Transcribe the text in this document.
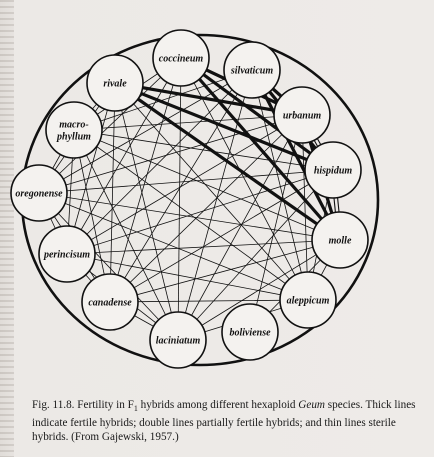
coccineum
silvaticum
urbanum
hispidum
molle
aleppicum
boliviense
laciniatum
canadense
perincisum
oregonense
macro-
phyllum
rivale
Fig. 11.8. Fertility in $F_1$ hybrids among different hexaploid Geum species. Thick lines indicate fertile hybrids; double lines partially fertile hybrids; and thin lines sterile hybrids. (From Gajewski, 1957.)
